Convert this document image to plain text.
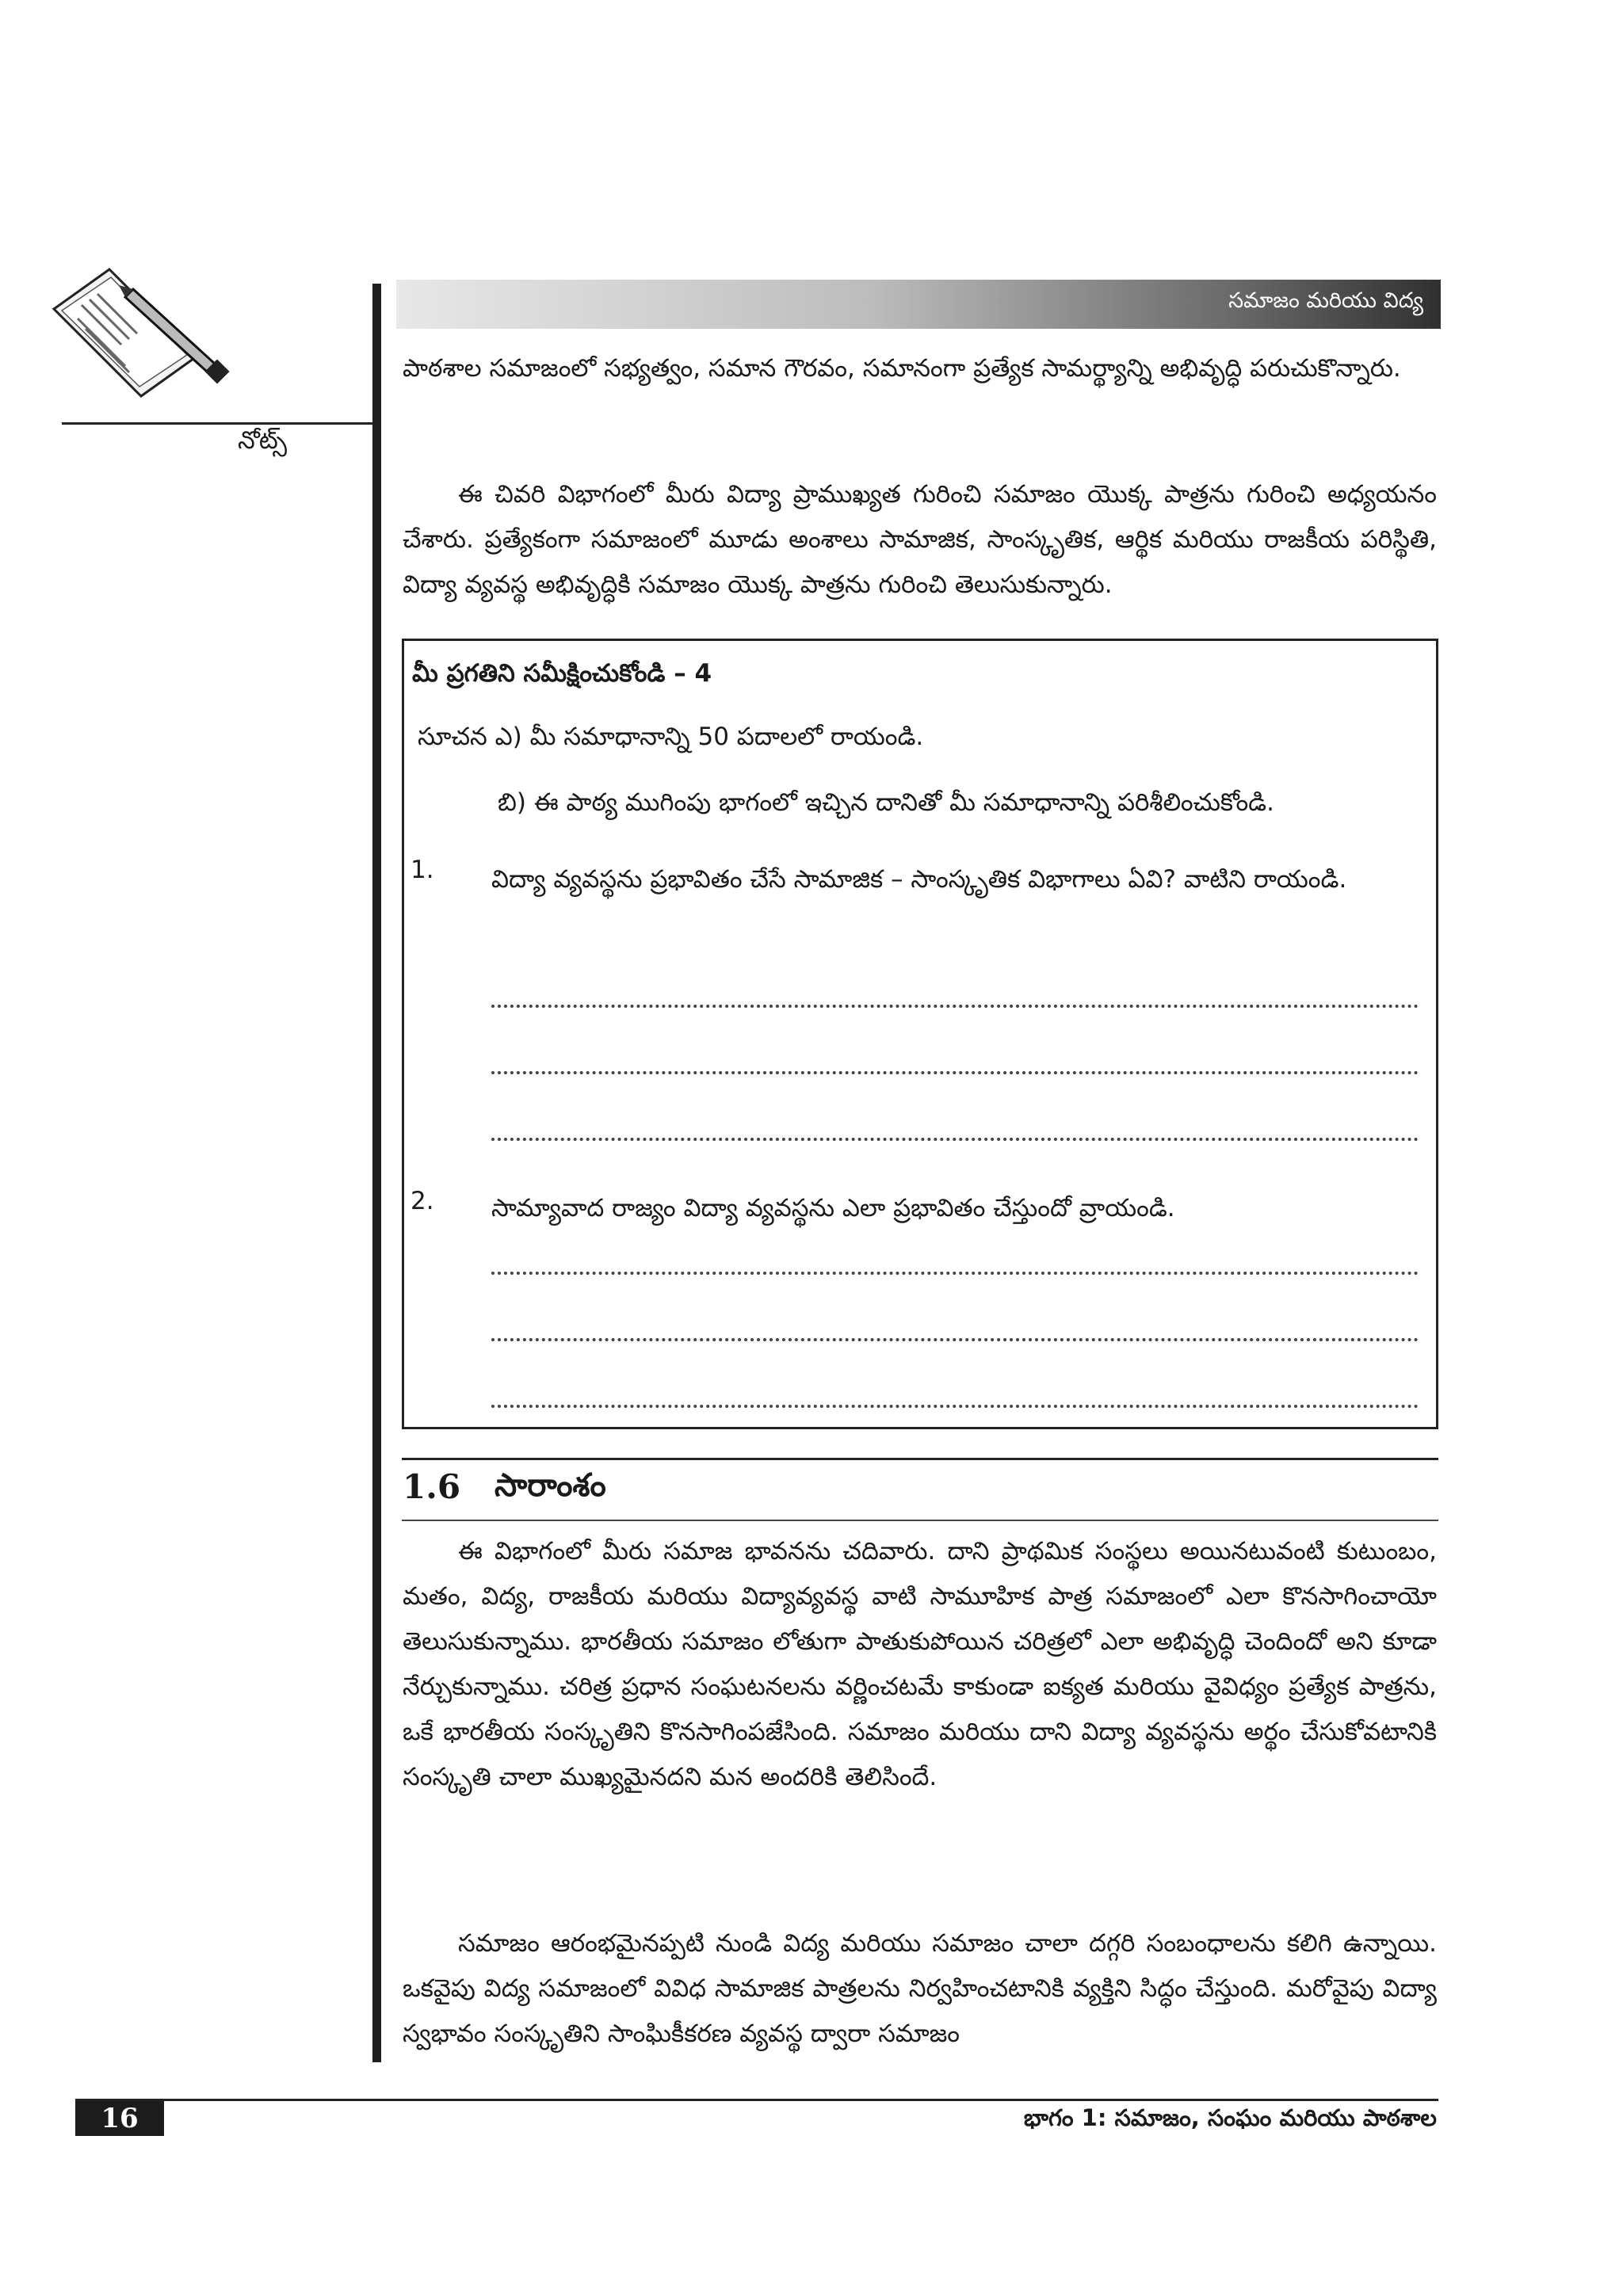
నోట్స్
సమాజం మరియు విద్య
పాఠశాల సమాజంలో సభ్యత్వం, సమాన గౌరవం, సమానంగా ప్రత్యేక సామర్థ్యాన్ని అభివృద్ధి పరుచుకొన్నారు.
ఈ చివరి విభాగంలో మీరు విద్యా ప్రాముఖ్యత గురించి సమాజం యొక్క పాత్రను గురించి అధ్యయనం చేశారు. ప్రత్యేకంగా సమాజంలో మూడు అంశాలు సామాజిక, సాంస్కృతిక, ఆర్థిక మరియు రాజకీయ పరిస్థితి, విద్యా వ్యవస్థ అభివృద్ధికి సమాజం యొక్క పాత్రను గురించి తెలుసుకున్నారు.
మీ ప్రగతిని సమీక్షించుకోండి – 4
సూచన ఎ) మీ సమాధానాన్ని 50 పదాలలో రాయండి.
బి) ఈ పాఠ్య ముగింపు భాగంలో ఇచ్చిన దానితో మీ సమాధానాన్ని పరిశీలించుకోండి.
1. విద్యా వ్యవస్థను ప్రభావితం చేసే సామాజిక – సాంస్కృతిక విభాగాలు ఏవి? వాటిని రాయండి.
2. సామ్యావాద రాజ్యం విద్యా వ్యవస్థను ఎలా ప్రభావితం చేస్తుందో వ్రాయండి.
1.6 సారాంశం
ఈ విభాగంలో మీరు సమాజ భావనను చదివారు. దాని ప్రాథమిక సంస్థలు అయినటువంటి కుటుంబం, మతం, విద్య, రాజకీయ మరియు విద్యావ్యవస్థ వాటి సామూహిక పాత్ర సమాజంలో ఎలా కొనసాగించాయో తెలుసుకున్నాము. భారతీయ సమాజం లోతుగా పాతుకుపోయిన చరిత్రలో ఎలా అభివృద్ధి చెందిందో అని కూడా నేర్చుకున్నాము. చరిత్ర ప్రధాన సంఘటనలను వర్ణించటమే కాకుండా ఐక్యత మరియు వైవిధ్యం ప్రత్యేక పాత్రను, ఒకే భారతీయ సంస్కృతిని కొనసాగింపజేసింది. సమాజం మరియు దాని విద్యా వ్యవస్థను అర్థం చేసుకోవటానికి సంస్కృతి చాలా ముఖ్యమైనదని మన అందరికి తెలిసిందే.
సమాజం ఆరంభమైనప్పటి నుండి విద్య మరియు సమాజం చాలా దగ్గరి సంబంధాలను కలిగి ఉన్నాయి. ఒకవైపు విద్య సమాజంలో వివిధ సామాజిక పాత్రలను నిర్వహించటానికి వ్యక్తిని సిద్ధం చేస్తుంది. మరోవైపు విద్యా స్వభావం సంస్కృతిని సాంఘికీకరణ వ్యవస్థ ద్వారా సమాజం
16	భాగం 1: సమాజం, సంఘం మరియు పాఠశాల
